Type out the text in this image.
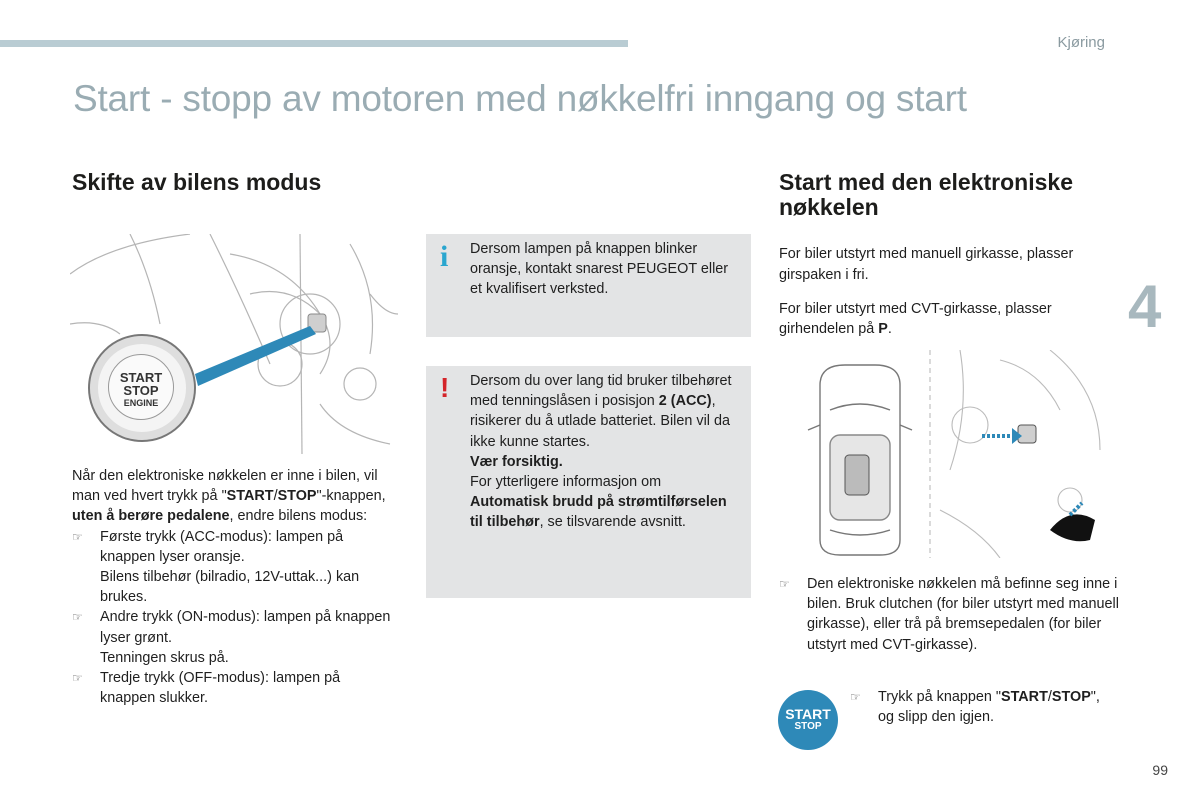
Kjøring
Start - stopp av motoren med nøkkelfri inngang og start
4
Skifte av bilens modus	Start med den elektroniske nøkkelen
START
STOP
ENGINE

Når den elektroniske nøkkelen er inne i bilen, vil man ved hvert trykk på "START/STOP"-knappen, uten å berøre pedalene, endre bilens modus:

☞ Første trykk (ACC-modus): lampen på knappen lyser oransje.

Bilens tilbehør (bilradio, 12V-uttak...) kan brukes.

☞ Andre trykk (ON-modus): lampen på knappen lyser grønt.

Tenningen skrus på.

☞ Tredje trykk (OFF-modus): lampen på knappen slukker.

i Dersom lampen på knappen blinker oransje, kontakt snarest PEUGEOT eller et kvalifisert verksted.
! Dersom du over lang tid bruker tilbehøret med tenningslåsen i posisjon 2 (ACC), risikerer du å utlade batteriet. Bilen vil da ikke kunne startes.
Vær forsiktig.
For ytterligere informasjon om Automatisk brudd på strømtilførselen til tilbehør, se tilsvarende avsnitt.

For biler utstyrt med manuell girkasse, plasser girspaken i fri.

For biler utstyrt med CVT-girkasse, plasser girhendelen på P.

☞ Den elektroniske nøkkelen må befinne seg inne i bilen. Bruk clutchen (for biler utstyrt med manuell girkasse), eller trå på bremsepedalen (for biler utstyrt med CVT-girkasse).
START
STOP
☞ Trykk på knappen "START/STOP", og slipp den igjen.
99
